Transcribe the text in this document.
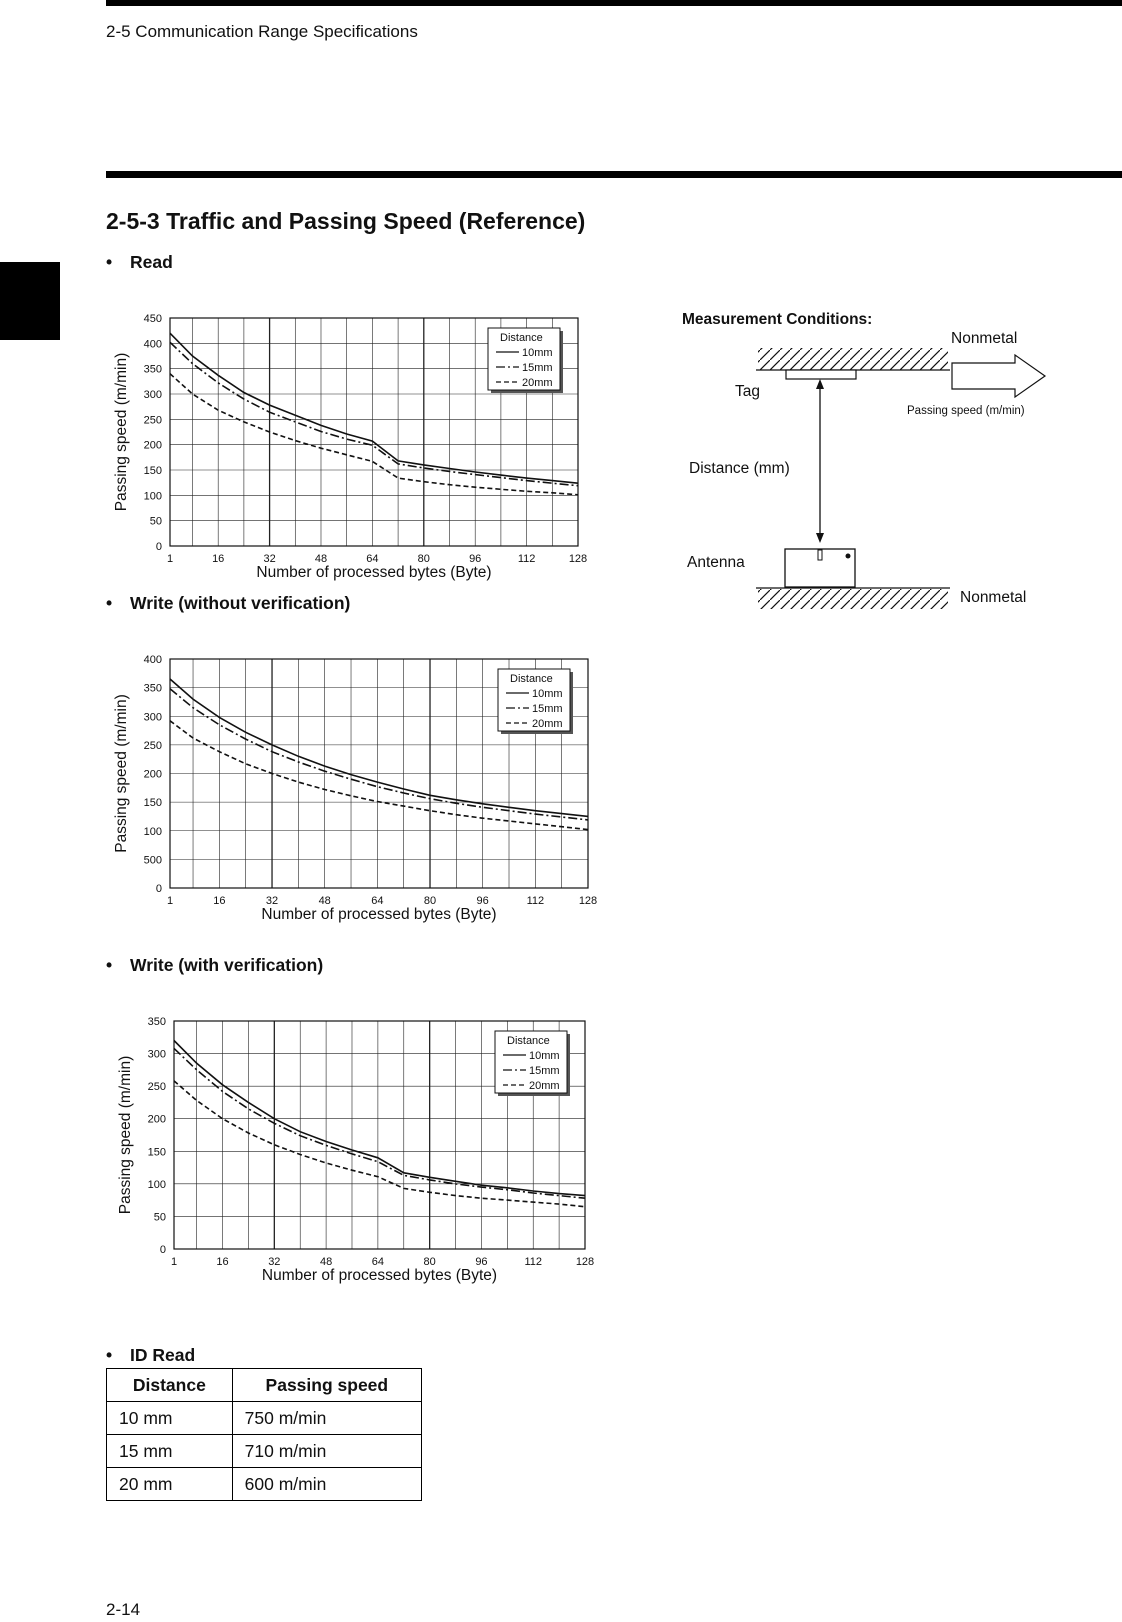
2-5 Communication Range Specifications
2-5-3 Traffic and Passing Speed (Reference)
• Read
• Write (without verification)
• Write (with verification)
• ID Read
0
50
100
150
200
250
300
350
400
450
1	16	32	48	64	80	96	112	128
Number of processed bytes (Byte)
Passing speed (m/min)
Distance
10mm
15mm
20mm
0
500
100
150
200
250
300
350
400
1	16	32	48	64	80	96	112	128
Number of processed bytes (Byte)
Passing speed (m/min)
Distance
10mm
15mm
20mm
0
50
100
150
200
250
300
350
1	16	32	48	64	80	96	112	128
Number of processed bytes (Byte)
Passing speed (m/min)
Distance
10mm
15mm
20mm
Measurement Conditions:
Nonmetal
Tag
Passing speed (m/min)
Distance (mm)
Antenna
Nonmetal
Distance	Passing speed
10 mm	750 m/min
15 mm	710 m/min
20 mm	600 m/min
2-14
